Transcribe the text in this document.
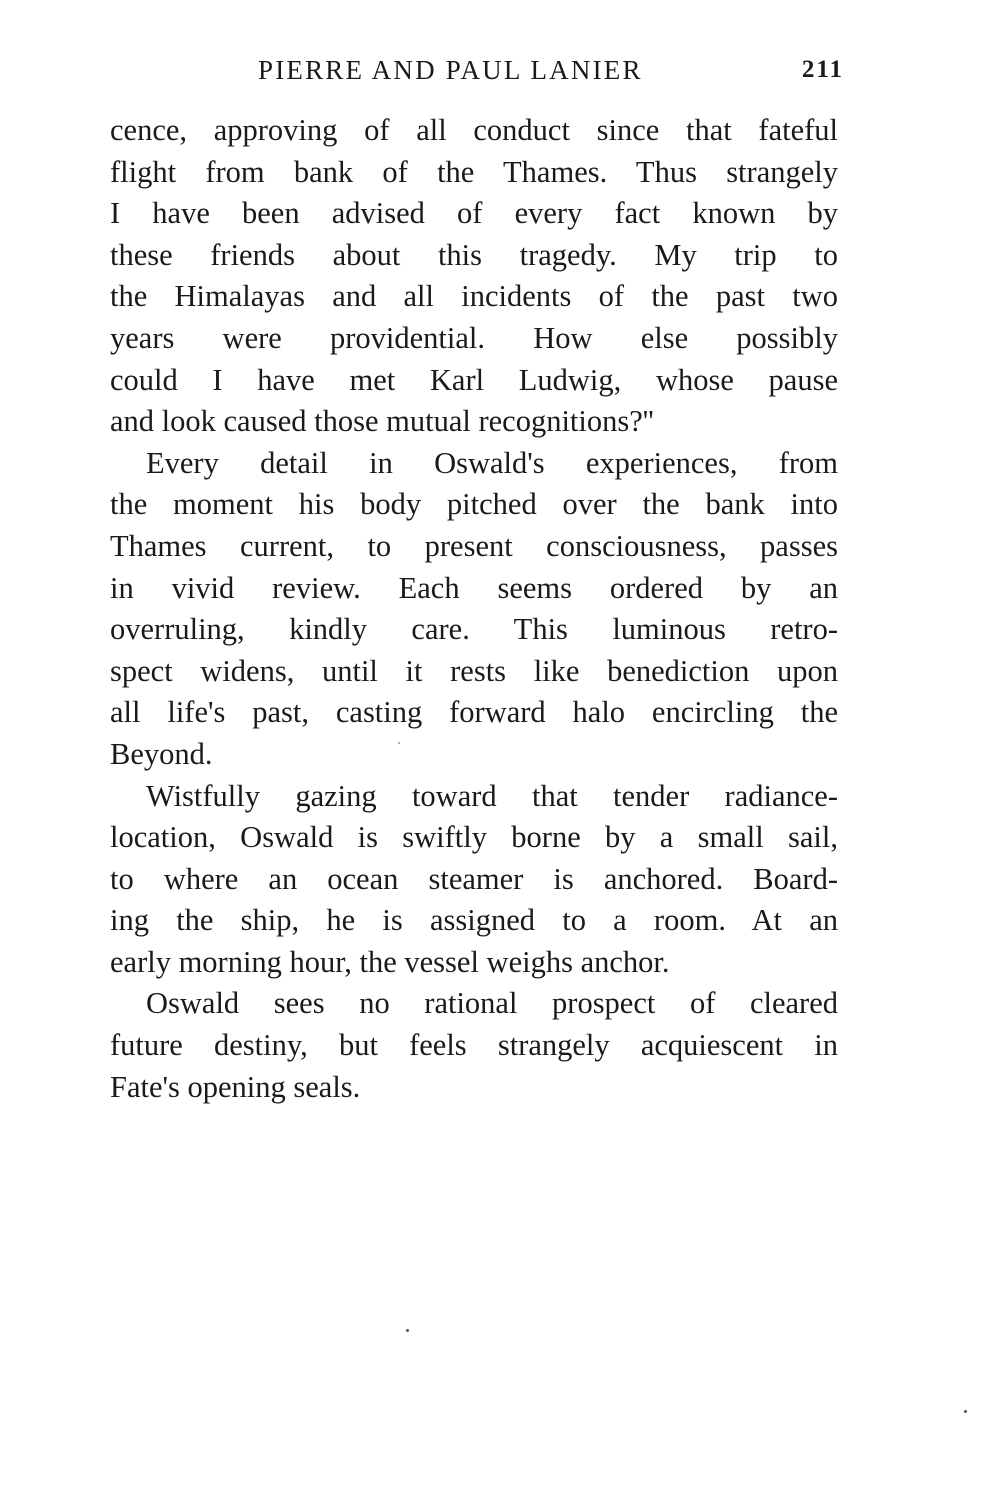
PIERRE AND PAUL LANIER	211
cence, approving of all conduct since that fateful
flight from bank of the Thames. Thus strangely
I have been advised of every fact known by
these friends about this tragedy. My trip to
the Himalayas and all incidents of the past two
years were providential. How else possibly
could I have met Karl Ludwig, whose pause
and look caused those mutual recognitions?''
Every detail in Oswald's experiences, from
the moment his body pitched over the bank into
Thames current, to present consciousness, passes
in vivid review. Each seems ordered by an
overruling, kindly care. This luminous retro-
spect widens, until it rests like benediction upon
all life's past, casting forward halo encircling the
Beyond.
Wistfully gazing toward that tender radiance-
location, Oswald is swiftly borne by a small sail,
to where an ocean steamer is anchored. Board-
ing the ship, he is assigned to a room. At an
early morning hour, the vessel weighs anchor.
Oswald sees no rational prospect of cleared
future destiny, but feels strangely acquiescent in
Fate's opening seals.
